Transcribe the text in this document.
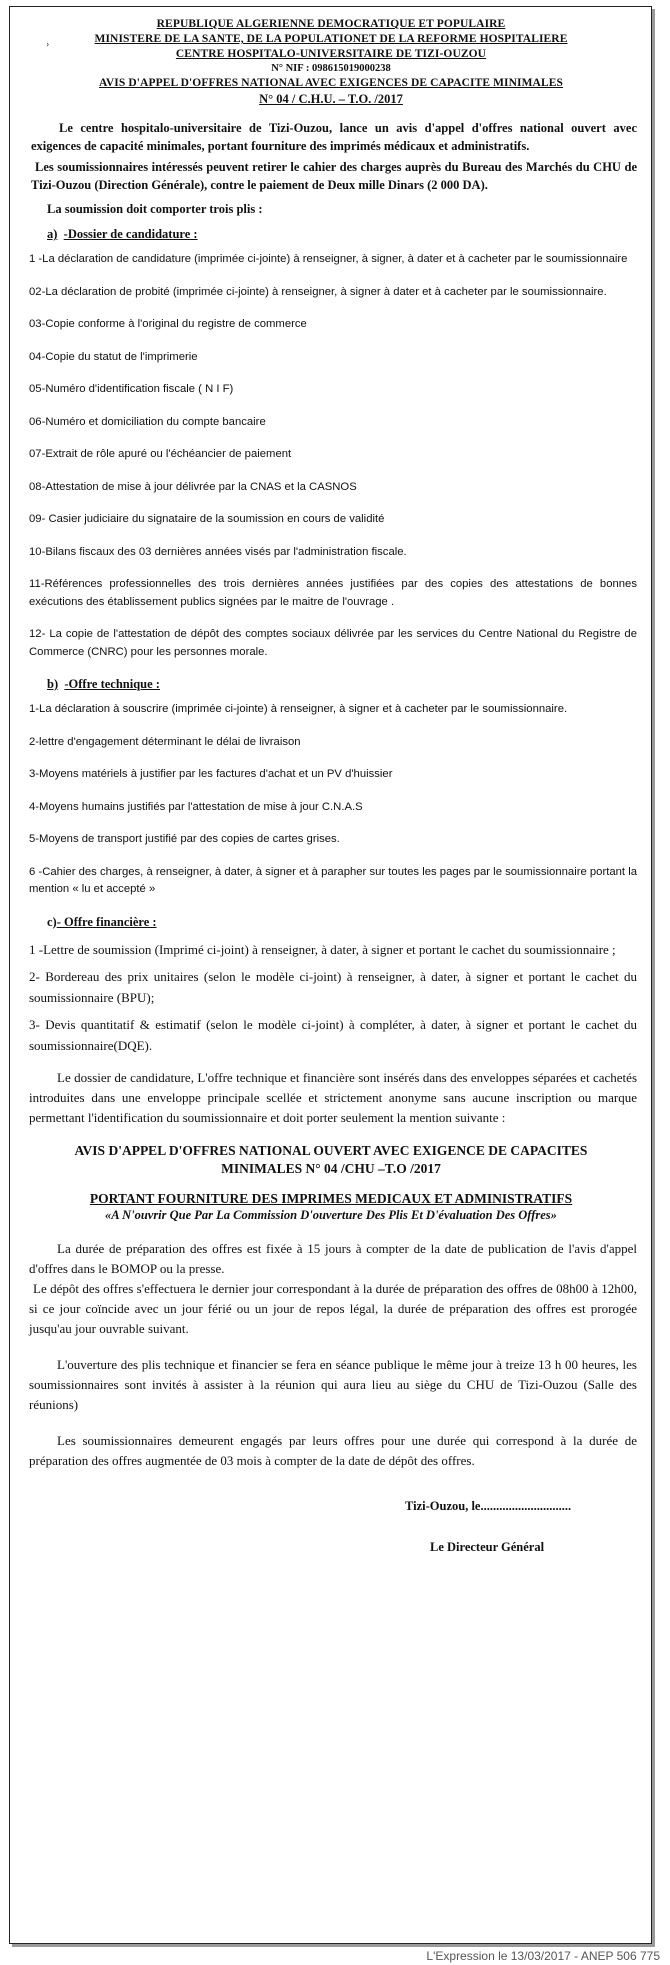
›
REPUBLIQUE ALGERIENNE DEMOCRATIQUE ET POPULAIRE
MINISTERE DE LA SANTE, DE LA POPULATIONET DE LA REFORME HOSPITALIERE
CENTRE HOSPITALO-UNIVERSITAIRE DE TIZI-OUZOU
N° NIF : 098615019000238
AVIS D'APPEL D'OFFRES NATIONAL AVEC EXIGENCES DE CAPACITE MINIMALES
N° 04 / C.H.U. – T.O. /2017

Le centre hospitalo-universitaire de Tizi-Ouzou, lance un avis d'appel d'offres national ouvert avec exigences de capacité minimales, portant fourniture des imprimés médicaux et administratifs.

Les soumissionnaires intéressés peuvent retirer le cahier des charges auprès du Bureau des Marchés du CHU de Tizi-Ouzou (Direction Générale), contre le paiement de Deux mille Dinars (2 000 DA).

La soumission doit comporter trois plis :

a) -Dossier de candidature :
1 -La déclaration de candidature (imprimée ci-jointe) à renseigner, à signer, à dater et à cacheter par le soumissionnaire
02-La déclaration de probité (imprimée ci-jointe) à renseigner, à signer à dater et à cacheter par le soumissionnaire.
03-Copie conforme à l'original du registre de commerce
04-Copie du statut de l'imprimerie
05-Numéro d'identification fiscale ( N I F)
06-Numéro et domiciliation du compte bancaire
07-Extrait de rôle apuré ou l'échéancier de paiement
08-Attestation de mise à jour délivrée par la CNAS et la CASNOS
09- Casier judiciaire du signataire de la soumission en cours de validité
10-Bilans fiscaux des 03 dernières années visés par l'administration fiscale.
11-Références professionnelles des trois dernières années justifiées par des copies des attestations de bonnes exécutions des établissement publics signées par le maitre de l'ouvrage .
12- La copie de l'attestation de dépôt des comptes sociaux délivrée par les services du Centre National du Registre de Commerce (CNRC) pour les personnes morale.
b) -Offre technique :
1-La déclaration à souscrire (imprimée ci-jointe) à renseigner, à signer et à cacheter par le soumissionnaire.
2-lettre d'engagement déterminant le délai de livraison
3-Moyens matériels à justifier par les factures d'achat et un PV d'huissier
4-Moyens humains justifiés par l'attestation de mise à jour C.N.A.S
5-Moyens de transport justifié par des copies de cartes grises.
6 -Cahier des charges, à renseigner, à dater, à signer et à parapher sur toutes les pages par le soumissionnaire portant la mention « lu et accepté »
c)- Offre financière :
1 -Lettre de soumission (Imprimé ci-joint) à renseigner, à dater, à signer et portant le cachet du soumissionnaire ;
2- Bordereau des prix unitaires (selon le modèle ci-joint) à renseigner, à dater, à signer et portant le cachet du soumissionnaire (BPU);
3- Devis quantitatif & estimatif (selon le modèle ci-joint) à compléter, à dater, à signer et portant le cachet du soumissionnaire(DQE).
Le dossier de candidature, L'offre technique et financière sont insérés dans des enveloppes séparées et cachetés introduites dans une enveloppe principale scellée et strictement anonyme sans aucune inscription ou marque permettant l'identification du soumissionnaire et doit porter seulement la mention suivante :
AVIS D'APPEL D'OFFRES NATIONAL OUVERT AVEC EXIGENCE DE CAPACITES
MINIMALES N° 04 /CHU –T.O /2017
PORTANT FOURNITURE DES IMPRIMES MEDICAUX ET ADMINISTRATIFS
«A N'ouvrir Que Par La Commission D'ouverture Des Plis Et D'évaluation Des Offres»
La durée de préparation des offres est fixée à 15 jours à compter de la date de publication de l'avis d'appel d'offres dans le BOMOP ou la presse.
Le dépôt des offres s'effectuera le dernier jour correspondant à la durée de préparation des offres de 08h00 à 12h00, si ce jour coïncide avec un jour férié ou un jour de repos légal, la durée de préparation des offres est prorogée jusqu'au jour ouvrable suivant.
L'ouverture des plis technique et financier se fera en séance publique le même jour à treize 13 h 00 heures, les soumissionnaires sont invités à assister à la réunion qui aura lieu au siège du CHU de Tizi-Ouzou (Salle des réunions)
Les soumissionnaires demeurent engagés par leurs offres pour une durée qui correspond à la durée de préparation des offres augmentée de 03 mois à compter de la date de dépôt des offres.
Tizi-Ouzou, le.............................
Le Directeur Général
L'Expression le 13/03/2017 - ANEP 506 775
